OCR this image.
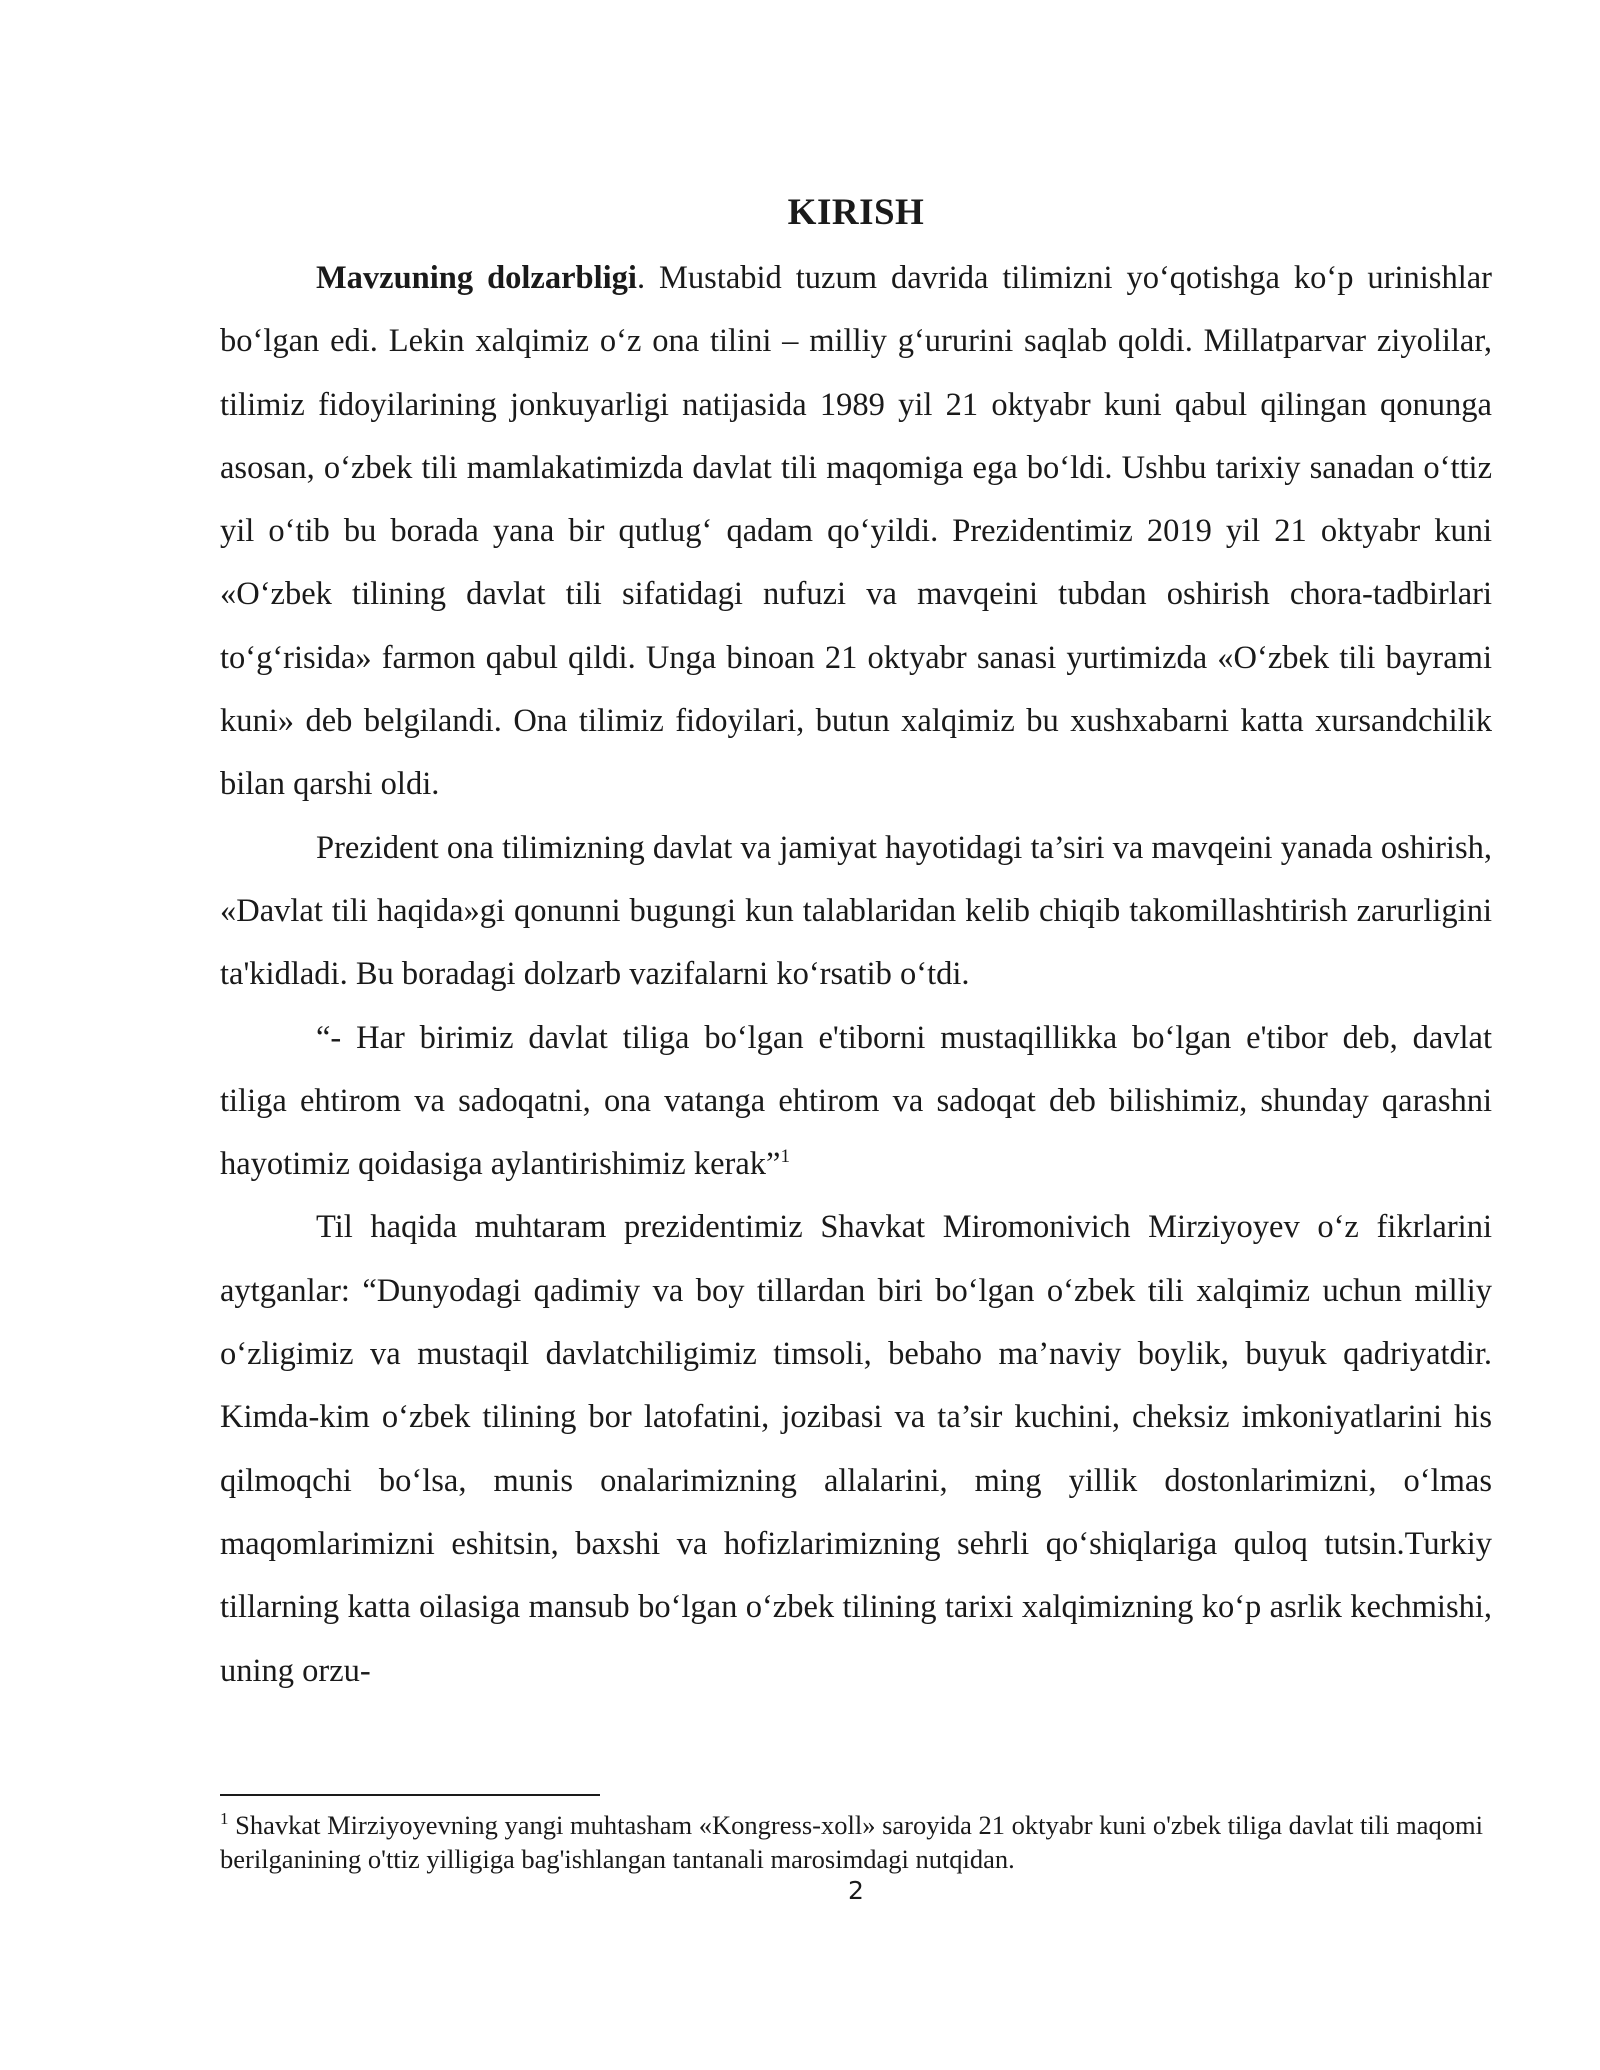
KIRISH

Mavzuning dolzarbligi. Mustabid tuzum davrida tilimizni yoʻqotishga koʻp urinishlar boʻlgan edi. Lekin xalqimiz oʻz ona tilini – milliy gʻururini saqlab qoldi. Millatparvar ziyolilar, tilimiz fidoyilarining jonkuyarligi natijasida 1989 yil 21 oktyabr kuni qabul qilingan qonunga asosan, oʻzbek tili mamlakatimizda davlat tili maqomiga ega boʻldi. Ushbu tarixiy sanadan oʻttiz yil oʻtib bu borada yana bir qutlugʻ qadam qoʻyildi. Prezidentimiz 2019 yil 21 oktyabr kuni «Oʻzbek tilining davlat tili sifatidagi nufuzi va mavqeini tubdan oshirish chora-tadbirlari toʻgʻrisida» farmon qabul qildi. Unga binoan 21 oktyabr sanasi yurtimizda «Oʻzbek tili bayrami kuni» deb belgilandi. Ona tilimiz fidoyilari, butun xalqimiz bu xushxabarni katta xursandchilik bilan qarshi oldi.

Prezident ona tilimizning davlat va jamiyat hayotidagi ta’siri va mavqeini yanada oshirish, «Davlat tili haqida»gi qonunni bugungi kun talablaridan kelib chiqib takomillashtirish zarurligini ta'kidladi. Bu boradagi dolzarb vazifalarni koʻrsatib oʻtdi.

“- Har birimiz davlat tiliga boʻlgan e'tiborni mustaqillikka boʻlgan e'tibor deb, davlat tiliga ehtirom va sadoqatni, ona vatanga ehtirom va sadoqat deb bilishimiz, shunday qarashni hayotimiz qoidasiga aylantirishimiz kerak”$^1$

Til haqida muhtaram prezidentimiz Shavkat Miromonivich Mirziyoyev oʻz fikrlarini aytganlar: “Dunyodagi qadimiy va boy tillardan biri boʻlgan oʻzbek tili xalqimiz uchun milliy oʻzligimiz va mustaqil davlatchiligimiz timsoli, bebaho ma’naviy boylik, buyuk qadriyatdir. Kimda-kim oʻzbek tilining bor latofatini, jozibasi va ta’sir kuchini, cheksiz imkoniyatlarini his qilmoqchi boʻlsa, munis onalarimizning allalarini, ming yillik dostonlarimizni, oʻlmas maqomlarimizni eshitsin, baxshi va hofizlarimizning sehrli qoʻshiqlariga quloq tutsin.Turkiy tillarning katta oilasiga mansub boʻlgan oʻzbek tilining tarixi xalqimizning koʻp asrlik kechmishi, uning orzu-

$^1$ Shavkat Mirziyoyevning yangi muhtasham «Kongress-xoll» saroyida 21 oktyabr kuni o'zbek tiliga davlat tili maqomi berilganining o'ttiz yilligiga bag'ishlangan tantanali marosimdagi nutqidan.
2
